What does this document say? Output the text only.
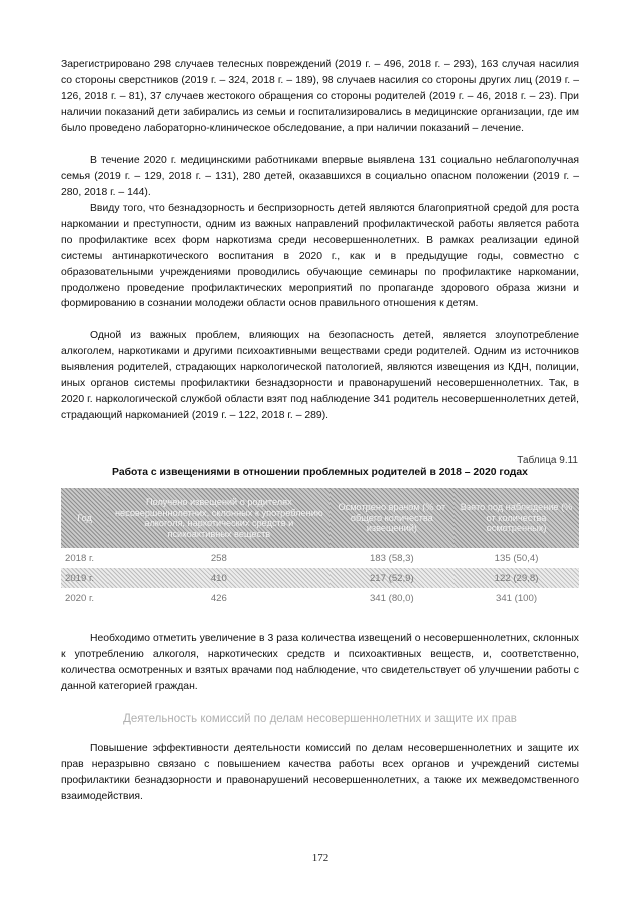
Зарегистрировано 298 случаев телесных повреждений (2019 г. – 496, 2018 г. – 293), 163 случая насилия со стороны сверстников (2019 г. – 324, 2018 г. – 189), 98 случаев насилия со стороны других лиц (2019 г. – 126, 2018 г. – 81), 37 случаев жестокого обращения со стороны родителей (2019 г. – 46, 2018 г. – 23). При наличии показаний дети забирались из семьи и госпитализировались в медицинские организации, где им было проведено лабораторно-клиническое обследование, а при наличии показаний – лечение.

В течение 2020 г. медицинскими работниками впервые выявлена 131 социально неблагополучная семья (2019 г. – 129, 2018 г. – 131), 280 детей, оказавшихся в социально опасном положении (2019 г. – 280, 2018 г. – 144).

Ввиду того, что безнадзорность и беспризорность детей являются благоприятной средой для роста наркомании и преступности, одним из важных направлений профилактической работы является работа по профилактике всех форм наркотизма среди несовершеннолетних. В рамках реализации единой системы антинаркотического воспитания в 2020 г., как и в предыдущие годы, совместно с образовательными учреждениями проводились обучающие семинары по профилактике наркомании, продолжено проведение профилактических мероприятий по пропаганде здорового образа жизни и формированию в сознании молодежи области основ правильного отношения к детям.

Одной из важных проблем, влияющих на безопасность детей, является злоупотребление алкоголем, наркотиками и другими психоактивными веществами среди родителей. Одним из источников выявления родителей, страдающих наркологической патологией, являются извещения из КДН, полиции, иных органов системы профилактики безнадзорности и правонарушений несовершеннолетних. Так, в 2020 г. наркологической службой области взят под наблюдение 341 родитель несовершеннолетних детей, страдающий наркоманией (2019 г. – 122, 2018 г. – 289).

Таблица 9.11
Работа с извещениями в отношении проблемных родителей в 2018 – 2020 годах
Год	Получено извещений о родителях несовершеннолетних, склонных к употреблению алкоголя, наркотических средств и психоактивных веществ	Осмотрено врачом (% от общего количества извещений)	Взято под наблюдение (% от количества осмотренных)
2018 г.	258	183 (58,3)	135 (50,4)
2019 г.	410	217 (52,9)	122 (29,8)
2020 г.	426	341 (80,0)	341 (100)

Необходимо отметить увеличение в 3 раза количества извещений о несовершеннолетних, склонных к употреблению алкоголя, наркотических средств и психоактивных веществ, и, соответственно, количества осмотренных и взятых врачами под наблюдение, что свидетельствует об улучшении работы с данной категорией граждан.

Деятельность комиссий по делам несовершеннолетних и защите их прав

Повышение эффективности деятельности комиссий по делам несовершеннолетних и защите их прав неразрывно связано с повышением качества работы всех органов и учреждений системы профилактики безнадзорности и правонарушений несовершеннолетних, а также их межведомственного взаимодействия.

172
